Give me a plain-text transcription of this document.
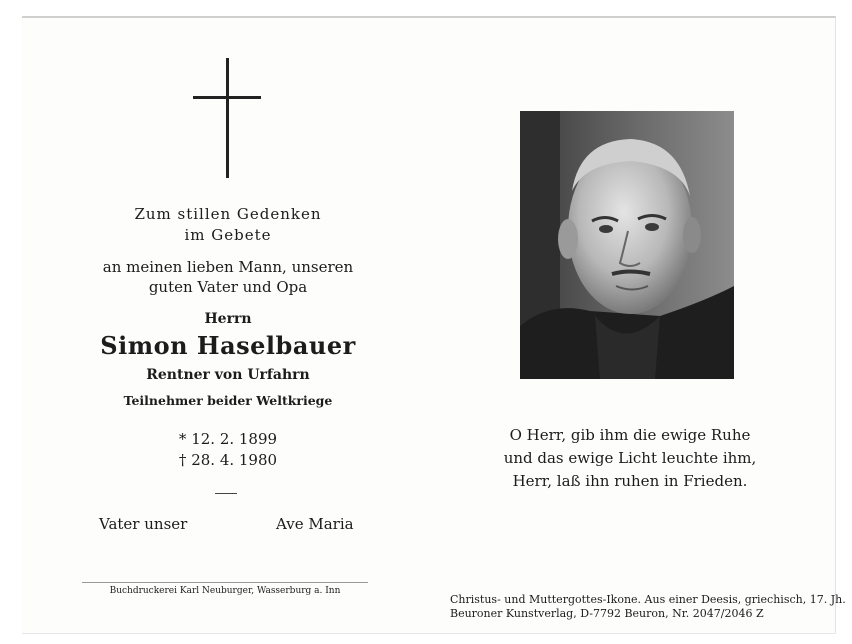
Zum stillen Gedenken
im Gebete
an meinen lieben Mann, unseren
guten Vater und Opa
Herrn
Simon Haselbauer
Rentner von Urfahrn
Teilnehmer beider Weltkriege
* 12. 2. 1899
† 28. 4. 1980
Vater unser	Ave Maria
Buchdruckerei Karl Neuburger, Wasserburg a. Inn
O Herr, gib ihm die ewige Ruhe
und das ewige Licht leuchte ihm,
Herr, laß ihn ruhen in Frieden.
Christus- und Muttergottes-Ikone. Aus einer Deesis, griechisch, 17. Jh.
Beuroner Kunstverlag, D-7792 Beuron, Nr. 2047/2046 Z
